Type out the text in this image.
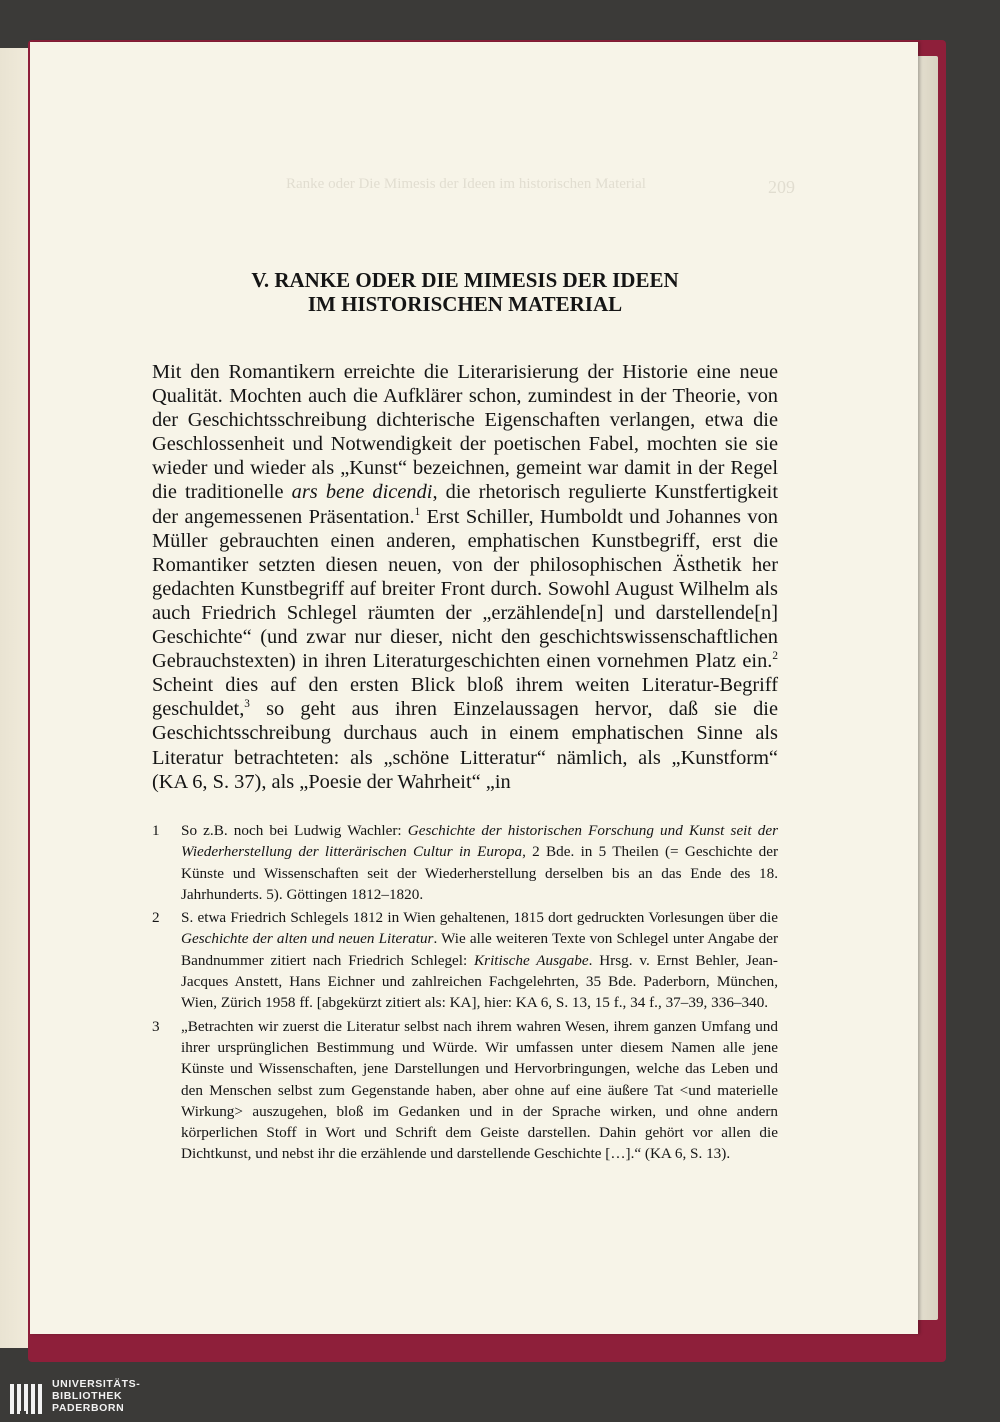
Ranke oder Die Mimesis der Ideen im historischen Material	209
V. RANKE ODER DIE MIMESIS DER IDEEN
IM HISTORISCHEN MATERIAL

Mit den Romantikern erreichte die Literarisierung der Historie eine neue Qualität. Mochten auch die Aufklärer schon, zumindest in der Theorie, von der Geschichtsschreibung dichterische Eigenschaften verlangen, etwa die Geschlossenheit und Notwendigkeit der poetischen Fabel, mochten sie sie wieder und wieder als „Kunst“ bezeichnen, gemeint war damit in der Regel die traditionelle ars bene dicendi, die rhetorisch regulierte Kunstfertigkeit der angemessenen Präsentation.$^1$ Erst Schiller, Humboldt und Johannes von Müller gebrauchten einen anderen, emphatischen Kunstbegriff, erst die Romantiker setzten diesen neuen, von der philosophischen Ästhetik her gedachten Kunstbegriff auf breiter Front durch. Sowohl August Wilhelm als auch Friedrich Schlegel räumten der „erzählende[n] und darstellende[n] Geschichte“ (und zwar nur dieser, nicht den geschichtswissenschaftlichen Gebrauchstexten) in ihren Literaturgeschichten einen vornehmen Platz ein.$^2$ Scheint dies auf den ersten Blick bloß ihrem weiten Literatur-Begriff geschuldet,$^3$ so geht aus ihren Einzelaussagen hervor, daß sie die Geschichtsschreibung durchaus auch in einem emphatischen Sinne als Literatur betrachteten: als „schöne Litteratur“ nämlich, als „Kunstform“ (KA 6, S. 37), als „Poesie der Wahrheit“ „in

1 So z.B. noch bei Ludwig Wachler: Geschichte der historischen Forschung und Kunst seit der Wiederherstellung der litterärischen Cultur in Europa, 2 Bde. in 5 Theilen (= Geschichte der Künste und Wissenschaften seit der Wiederherstellung derselben bis an das Ende des 18. Jahrhunderts. 5). Göttingen 1812–1820.

2 S. etwa Friedrich Schlegels 1812 in Wien gehaltenen, 1815 dort gedruckten Vorlesungen über die Geschichte der alten und neuen Literatur. Wie alle weiteren Texte von Schlegel unter Angabe der Bandnummer zitiert nach Friedrich Schlegel: Kritische Ausgabe. Hrsg. v. Ernst Behler, Jean-Jacques Anstett, Hans Eichner und zahlreichen Fachgelehrten, 35 Bde. Paderborn, München, Wien, Zürich 1958 ff. [abgekürzt zitiert als: KA], hier: KA 6, S. 13, 15 f., 34 f., 37–39, 336–340.

3 „Betrachten wir zuerst die Literatur selbst nach ihrem wahren Wesen, ihrem ganzen Umfang und ihrer ursprünglichen Bestimmung und Würde. Wir umfassen unter diesem Namen alle jene Künste und Wissenschaften, jene Darstellungen und Hervorbringungen, welche das Leben und den Menschen selbst zum Gegenstande haben, aber ohne auf eine äußere Tat <und materielle Wirkung> auszugehen, bloß im Gedanken und in der Sprache wirken, und ohne andern körperlichen Stoff in Wort und Schrift dem Geiste darstellen. Dahin gehört vor allen die Dichtkunst, und nebst ihr die erzählende und darstellende Geschichte […].“ (KA 6, S. 13).

UNIVERSITÄTS-
BIBLIOTHEK
PADERBORN
